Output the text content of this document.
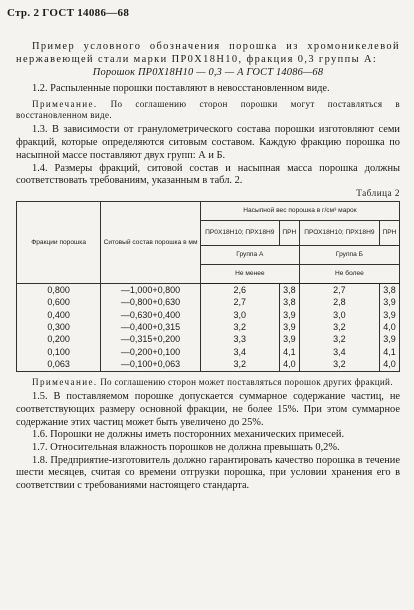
Стр. 2 ГОСТ 14086—68

Пример условного обозначения порошка из хромоникелевой нержавеющей стали марки ПР0Х18Н10, фракция 0,3 группы А:

Порошок ПР0Х18Н10 — 0,3 — А ГОСТ 14086—68

1.2. Распыленные порошки поставляют в невосстановленном виде.

Примечание. По соглашению сторон порошки могут поставляться в восстановленном виде.

1.3. В зависимости от гранулометрического состава порошки изготовляют семи фракций, которые определяются ситовым составом. Каждую фракцию порошка по насыпной массе поставляют двух групп: А и Б.

1.4. Размеры фракций, ситовой состав и насыпная масса порошка должны соответствовать требованиям, указанным в табл. 2.

Таблица 2
Фракции порошка	Ситовый состав порошка в мм	Насыпной вес порошка в г/см³ марок			
		ПР0Х18Н10; ПРХ18Н9	ПРН	ПРОХ18Н10; ПРХ18Н9	ПРН
		Группа А		Группа Б	
		Не менее		Не более	
0,800	—1,000+0,800	2,6	3,8	2,7	3,8
0,600	—0,800+0,630	2,7	3,8	2,8	3,9
0,400	—0,630+0,400	3,0	3,9	3,0	3,9
0,300	—0,400+0,315	3,2	3,9	3,2	4,0
0,200	—0,315+0,200	3,3	3,9	3,2	3,9
0,100	—0,200+0,100	3,4	4,1	3,4	4,1
0,063	—0,100+0,063	3,2	4,0	3,2	4,0

Примечание. По соглашению сторон может поставляться порошок других фракций.

1.5. В поставляемом порошке допускается суммарное содержание частиц, не соответствующих размеру основной фракции, не более 15%. При этом суммарное содержание этих частиц может быть увеличено до 25%.

1.6. Порошки не должны иметь посторонних механических примесей.

1.7. Относительная влажность порошков не должна превышать 0,2%.

1.8. Предприятие-изготовитель должно гарантировать качество порошка в течение шести месяцев, считая со времени отгрузки порошка, при условии хранения его в соответствии с требованиями настоящего стандарта.
